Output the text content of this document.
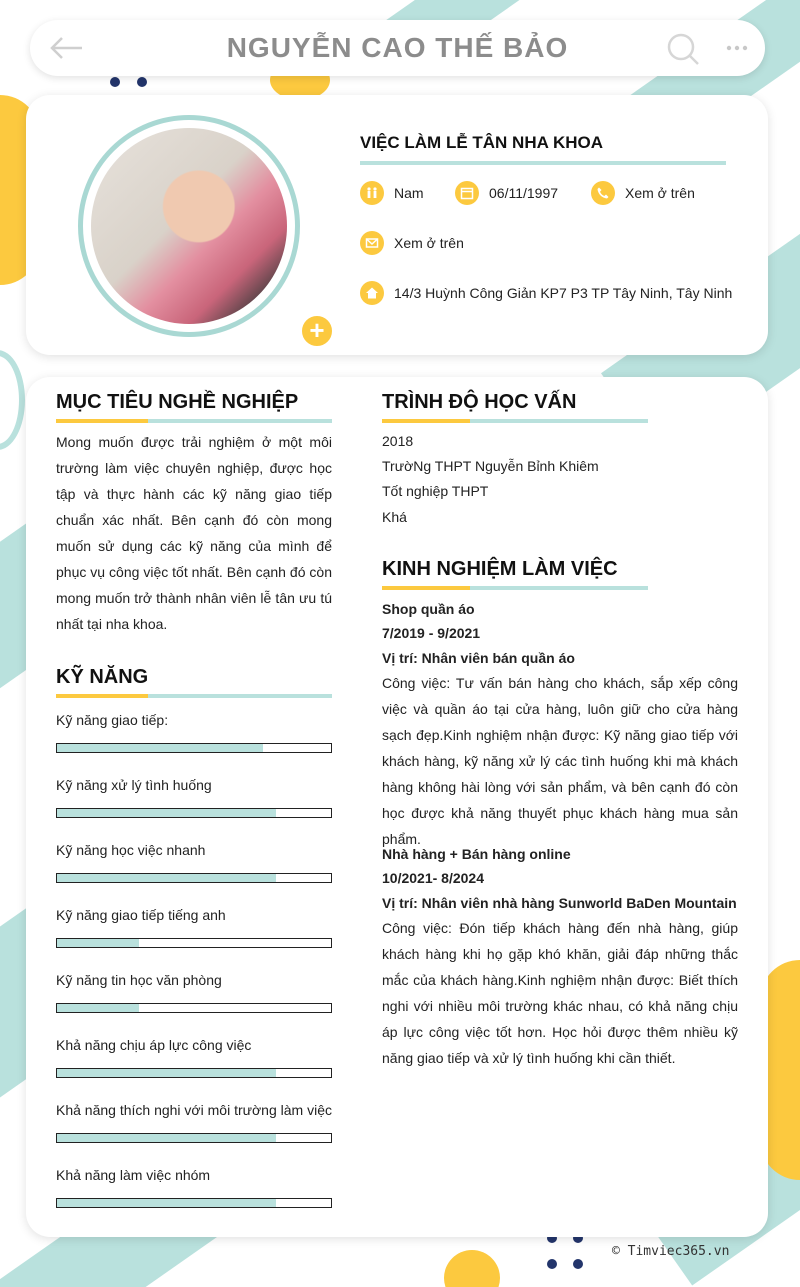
NGUYỄN CAO THẾ BẢO
+
VIỆC LÀM LỄ TÂN NHA KHOA
Nam	06/11/1997	Xem ở trên
Xem ở trên
14/3 Huỳnh Công Giản KP7 P3 TP Tây Ninh, Tây Ninh
MỤC TIÊU NGHỀ NGHIỆP
Mong muốn được trải nghiệm ở một môi trường làm việc chuyên nghiệp, được học tập và thực hành các kỹ năng giao tiếp chuẩn xác nhất. Bên cạnh đó còn mong muốn sử dụng các kỹ năng của mình để phục vụ công việc tốt nhất. Bên cạnh đó còn mong muốn trở thành nhân viên lễ tân ưu tú nhất tại nha khoa.
KỸ NĂNG
Kỹ năng giao tiếp:
Kỹ năng xử lý tình huống
Kỹ năng học việc nhanh
Kỹ năng giao tiếp tiếng anh
Kỹ năng tin học văn phòng
Khả năng chịu áp lực công việc
Khả năng thích nghi với môi trường làm việc
Khả năng làm việc nhóm
TRÌNH ĐỘ HỌC VẤN
2018
TrườNg THPT Nguyễn Bỉnh Khiêm
Tốt nghiệp THPT
Khá
KINH NGHIỆM LÀM VIỆC
Shop quần áo
7/2019 - 9/2021
Vị trí: Nhân viên bán quần áo
Công việc: Tư vấn bán hàng cho khách, sắp xếp công việc và quần áo tại cửa hàng, luôn giữ cho cửa hàng sạch đẹp.Kinh nghiệm nhận được: Kỹ năng giao tiếp với khách hàng, kỹ năng xử lý các tình huống khi mà khách hàng không hài lòng với sản phẩm, và bên cạnh đó còn học được khả năng thuyết phục khách hàng mua sản phẩm.
Nhà hàng + Bán hàng online
10/2021- 8/2024
Vị trí: Nhân viên nhà hàng Sunworld BaDen Mountain
Công việc: Đón tiếp khách hàng đến nhà hàng, giúp khách hàng khi họ gặp khó khăn, giải đáp những thắc mắc của khách hàng.Kinh nghiệm nhận được: Biết thích nghi với nhiều môi trường khác nhau, có khả năng chịu áp lực công việc tốt hơn. Học hỏi được thêm nhiều kỹ năng giao tiếp và xử lý tình huống khi cần thiết.
© Timviec365.vn
